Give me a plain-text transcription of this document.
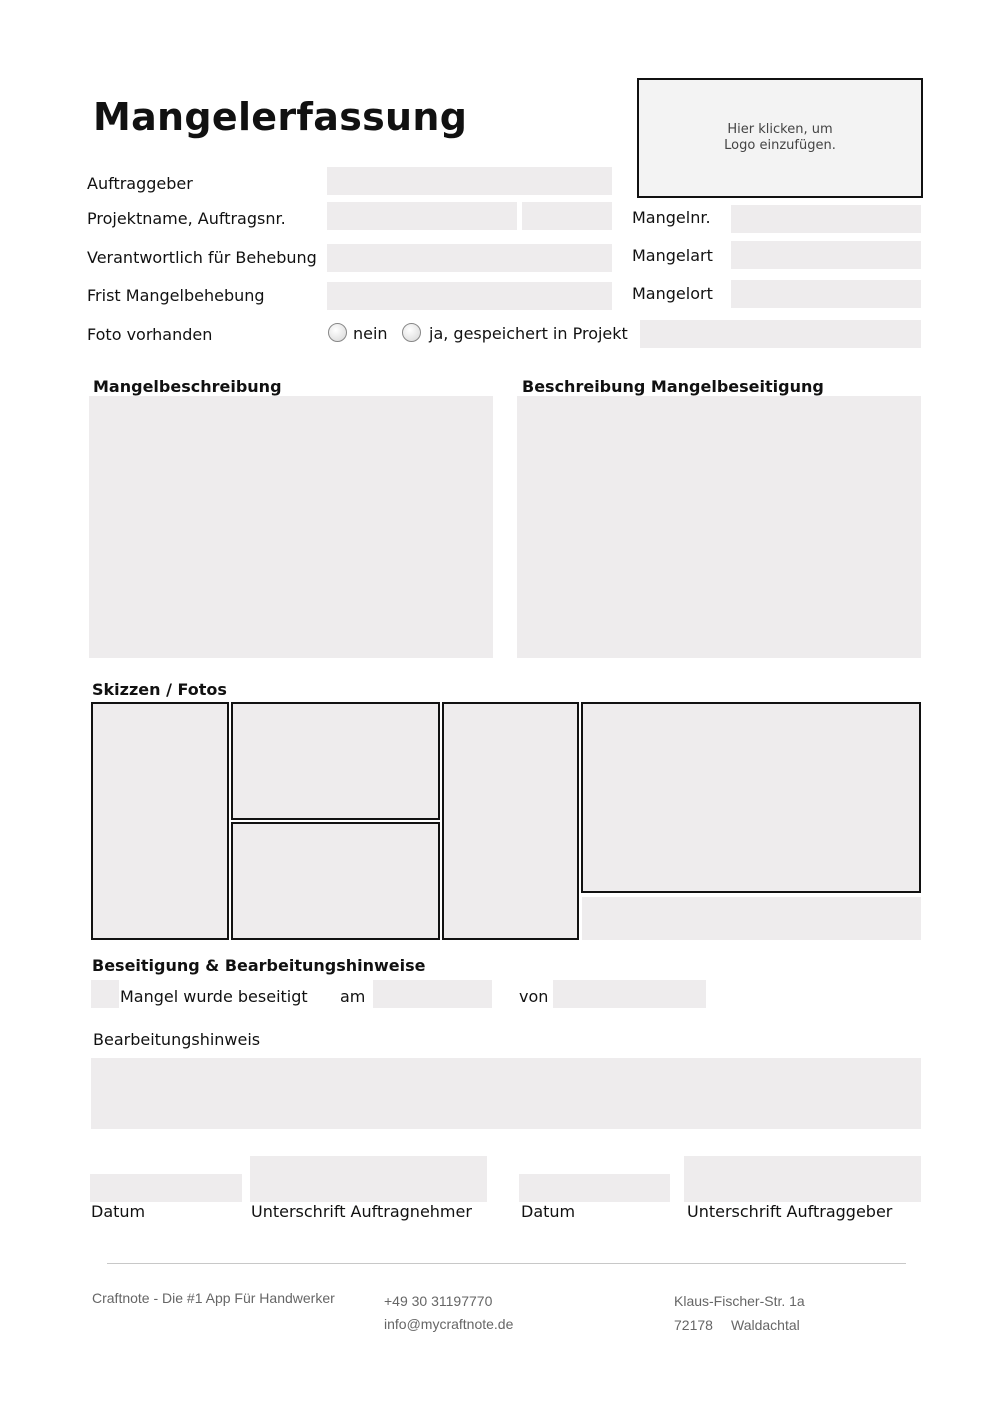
Mangelerfassung	Hier klicken, um
Logo einzufügen.
Auftraggeber
Projektname, Auftragsnr.
Verantwortlich für Behebung
Frist Mangelbehebung
Foto vorhanden	nein	ja, gespeichert in Projekt
Mangelnr.
Mangelart
Mangelort
Mangelbeschreibung	Beschreibung Mangelbeseitigung
Skizzen / Fotos
Beseitigung & Bearbeitungshinweise
Mangel wurde beseitigt am	von
Bearbeitungshinweis
Datum	Unterschrift Auftragnehmer	Datum	Unterschrift Auftraggeber
Craftnote - Die #1 App Für Handwerker	+49 30 31197770
info@mycraftnote.de
Klaus-Fischer-Str. 1a
72178 Waldachtal
